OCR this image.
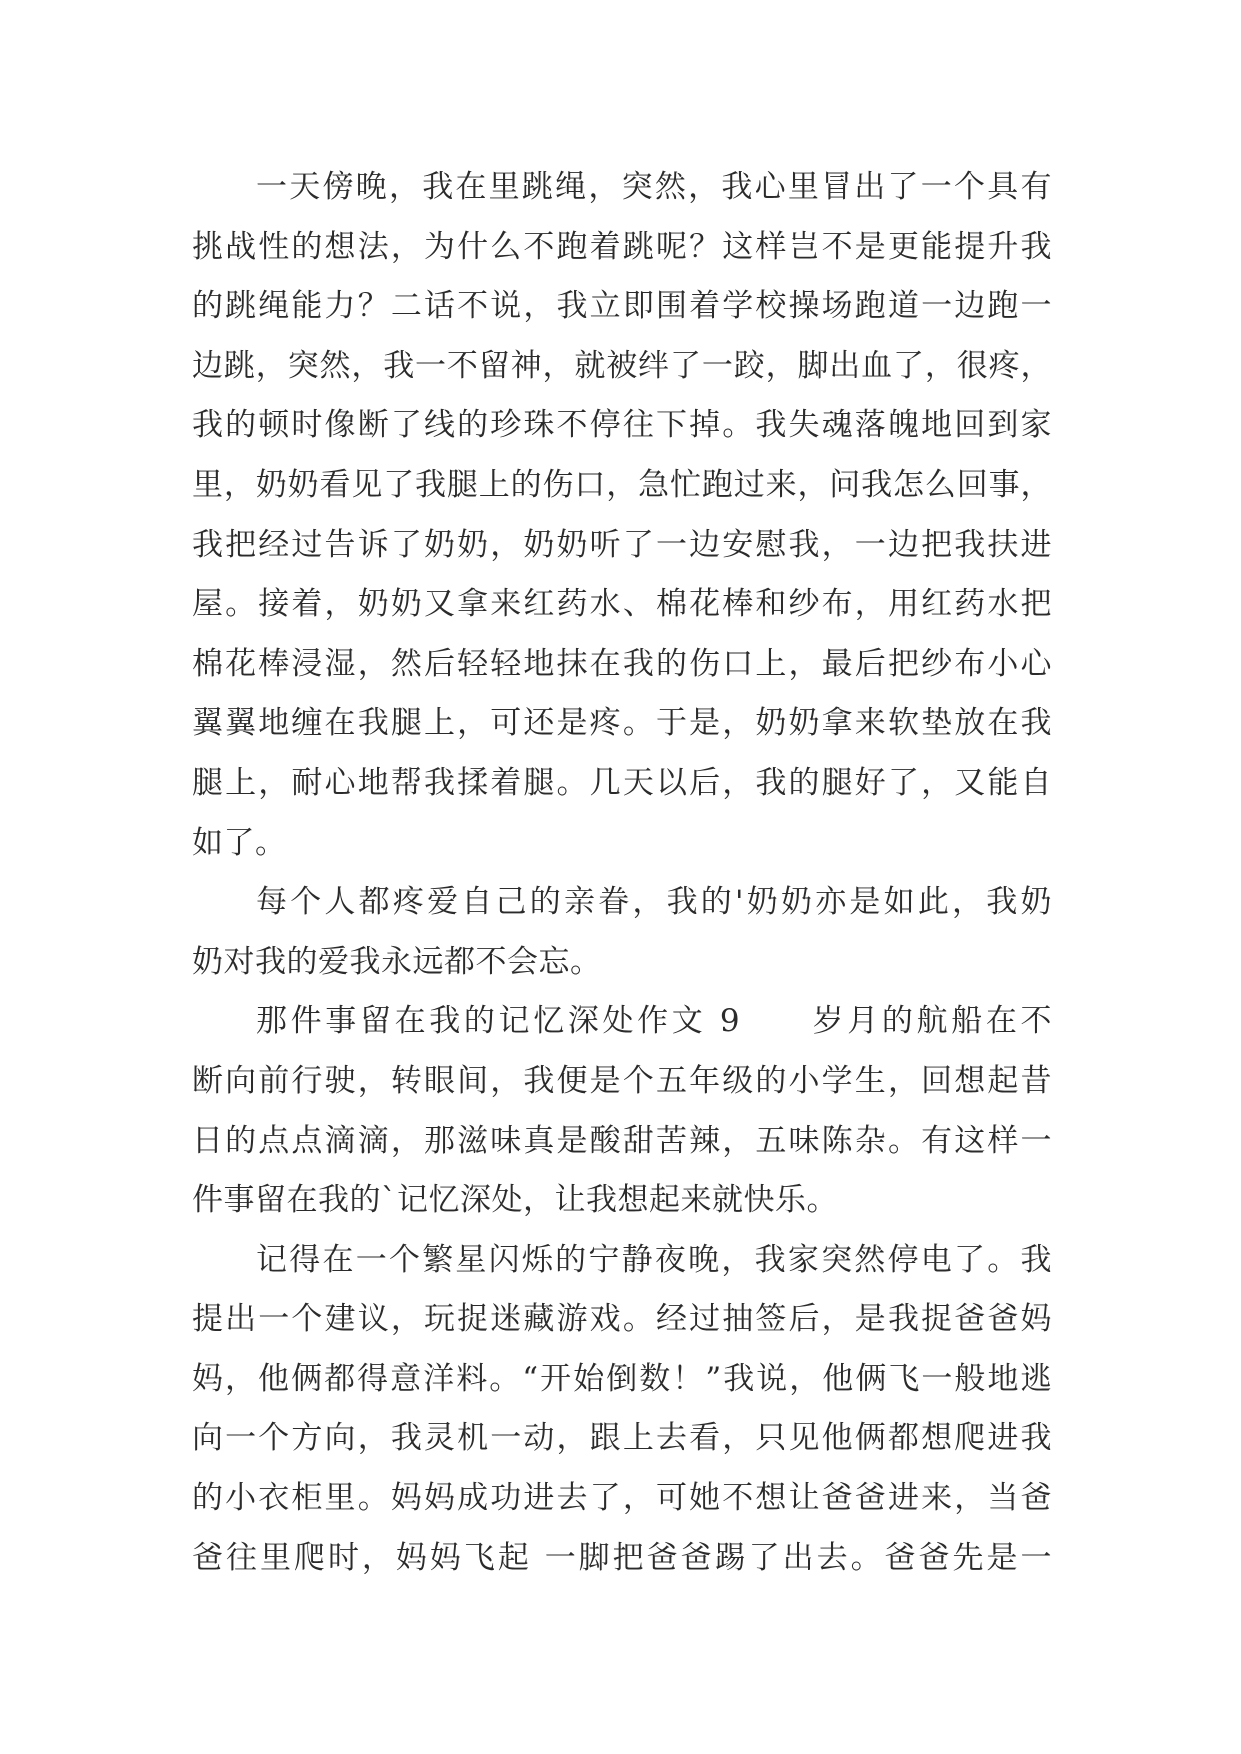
一天傍晚，我在里跳绳，突然，我心里冒出了一个具有
挑战性的想法，为什么不跑着跳呢？这样岂不是更能提升我
的跳绳能力？二话不说，我立即围着学校操场跑道一边跑一
边跳，突然，我一不留神，就被绊了一跤，脚出血了，很疼，
我的顿时像断了线的珍珠不停往下掉。我失魂落魄地回到家
里，奶奶看见了我腿上的伤口，急忙跑过来，问我怎么回事，
我把经过告诉了奶奶，奶奶听了一边安慰我，一边把我扶进
屋。接着，奶奶又拿来红药水、棉花棒和纱布，用红药水把
棉花棒浸湿，然后轻轻地抹在我的伤口上，最后把纱布小心
翼翼地缠在我腿上，可还是疼。于是，奶奶拿来软垫放在我
腿上，耐心地帮我揉着腿。几天以后，我的腿好了，又能自
如了。
每个人都疼爱自己的亲眷，我的'奶奶亦是如此，我奶
奶对我的爱我永远都不会忘。
那件事留在我的记忆深处作文 9　　岁月的航船在不
断向前行驶，转眼间，我便是个五年级的小学生，回想起昔
日的点点滴滴，那滋味真是酸甜苦辣，五味陈杂。有这样一
件事留在我的`记忆深处，让我想起来就快乐。
记得在一个繁星闪烁的宁静夜晚，我家突然停电了。我
提出一个建议，玩捉迷藏游戏。经过抽签后，是我捉爸爸妈
妈，他俩都得意洋料。“开始倒数！”我说，他俩飞一般地逃
向一个方向，我灵机一动，跟上去看，只见他俩都想爬进我
的小衣柜里。妈妈成功进去了，可她不想让爸爸进来，当爸
爸往里爬时，妈妈飞起 一脚把爸爸踢了出去。爸爸先是一
